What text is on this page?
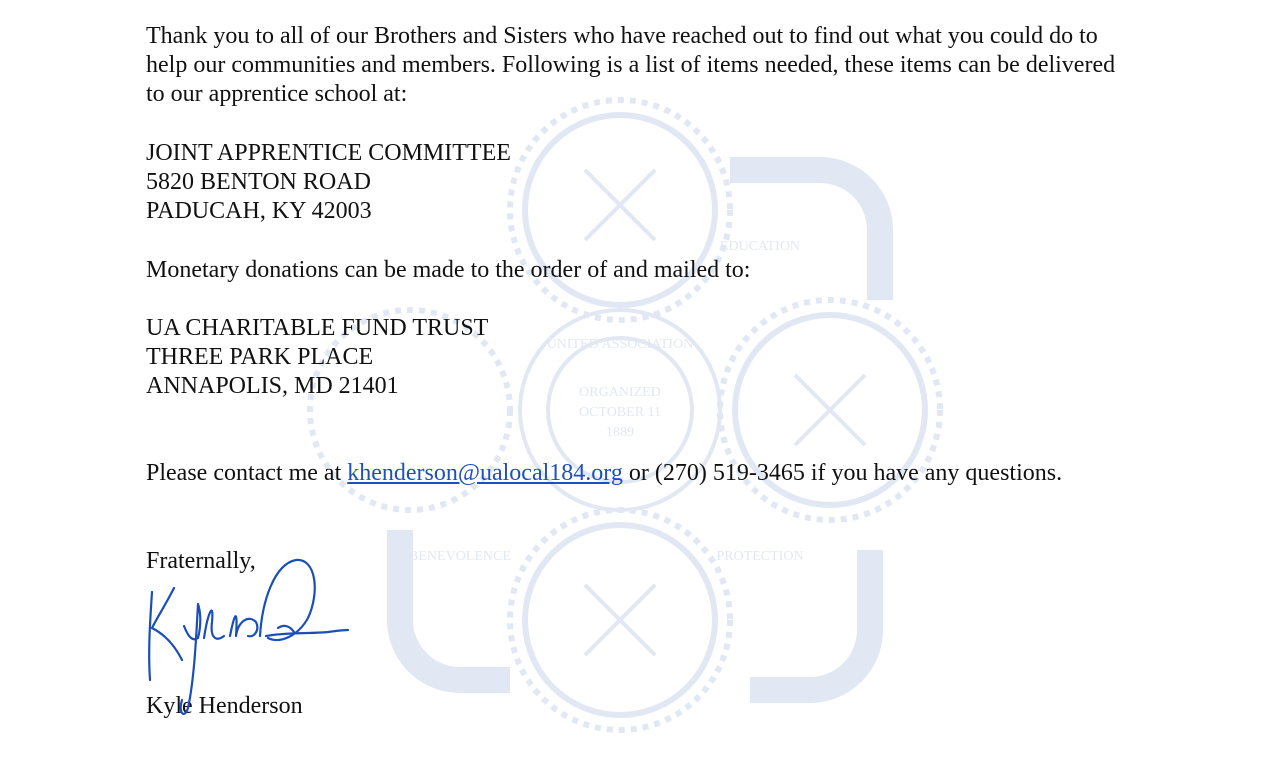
UNITED ASSOCIATION
ORGANIZED
OCTOBER 11
1889
EDUCATION
PROTECTION
BENEVOLENCE

Thank you to all of our Brothers and Sisters who have reached out to find out what you could do to help our communities and members. Following is a list of items needed, these items can be delivered to our apprentice school at:

JOINT APPRENTICE COMMITTEE
5820 BENTON ROAD
PADUCAH, KY 42003

Monetary donations can be made to the order of and mailed to:

UA CHARITABLE FUND TRUST
THREE PARK PLACE
ANNAPOLIS, MD 21401

Please contact me at khenderson@ualocal184.org or (270) 519-3465 if you have any questions.

Fraternally,

Kyle Henderson
